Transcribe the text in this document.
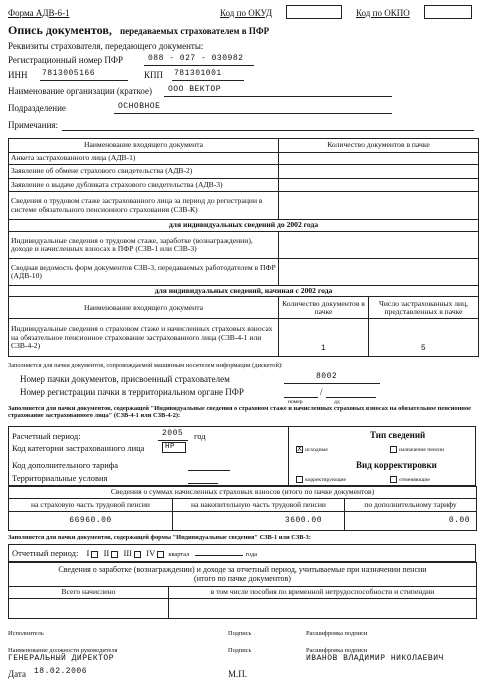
Форма АДВ-6-1	Код по ОКУД	Код по ОКПО
Опись документов, передаваемых страхователем в ПФР
Реквизиты страхователя, передающего документы:
Регистрационный номер ПФР	088 - 027 - 030982
ИНН 7813005166	КПП 781301001
Наименование организации (краткое) ООО ВЕКТОР
Подразделение	ОСНОВНОЕ
Примечания:
Наименование входящего документа	Количество документов в пачке
Анкета застрахованного лица (АДВ-1)	
Заявление об обмене страхового свидетельства (АДВ-2)	
Заявление о выдаче дубликата страхового свидетельства (АДВ-3)	
Сведения о трудовом стаже застрахованного лица за период до регистрации в системе обязательного пенсионного страхования (СЗВ-К)	
для индивидуальных сведений до 2002 года	
Индивидуальные сведения о трудовом стаже, заработке (вознаграждении), доходе и начисленных взносах в ПФР (СЗВ-1 или СЗВ-3)	
Сводная ведомость форм документов СЗВ-3, передаваемых работодателем в ПФР (АДВ-10)	
для индивидуальных сведений, начиная с 2002 года		
Наименование входящего документа	Количество документов в пачке	Число застрахованных лиц, представленных в пачке
Индивидуальные сведения о страховом стаже и начисленных страховых взносах на обязательное пенсионное страхование застрахованного лица (СЗВ-4-1 или СЗВ-4-2)	1	5
Заполняется для пачки документов, сопровождаемой машинным носителем информации (дискетой):
Номер пачки документов, присвоенный страхователем	8002
Номер регистрации пачки в территориальном органе ПФР	/
номер	дд
Заполняется для пачки документов, содержащей "Индивидуальные сведения о страховом стаже и начисленных страховых взносах на обязательное пенсионное страхование застрахованного лица" (СЗВ-4-1 или СЗВ-4-2):
Расчетный период:	2005 год
Код категории застрахованного лица	НР
Код дополнительного тарифа
Территориальные условия
Тип сведений
X исходные	назначение пенсии
Вид корректировки
корректирующие	отменяющие
Сведения о суммах начисленных страховых взносов (итого по пачке документов)		
на страховую часть трудовой пенсии	на накопительную часть трудовой пенсии	по дополнительному тарифу
66960.00	3600.00	0.00
Заполняется для пачки документов, содержащей формы "Индивидуальные сведения" СЗВ-1 или СЗВ-3:
Отчетный период: I II III IV квартал	года
Сведения о заработке (вознаграждении) и доходе за отчетный период, учитываемые при назначении пенсии
(итого по пачке документов)	
Всего начислено	в том числе пособия по временной нетрудоспособности и стипендии

Исполнитель	Подпись	Расшифровка подписи
Наименование должности руководителя
ГЕНЕРАЛЬНЫЙ ДИРЕКТОР
Подпись	Расшифровка подписи
ИВАНОВ ВЛАДИМИР НИКОЛАЕВИЧ
Дата 18.02.2006	М.П.
